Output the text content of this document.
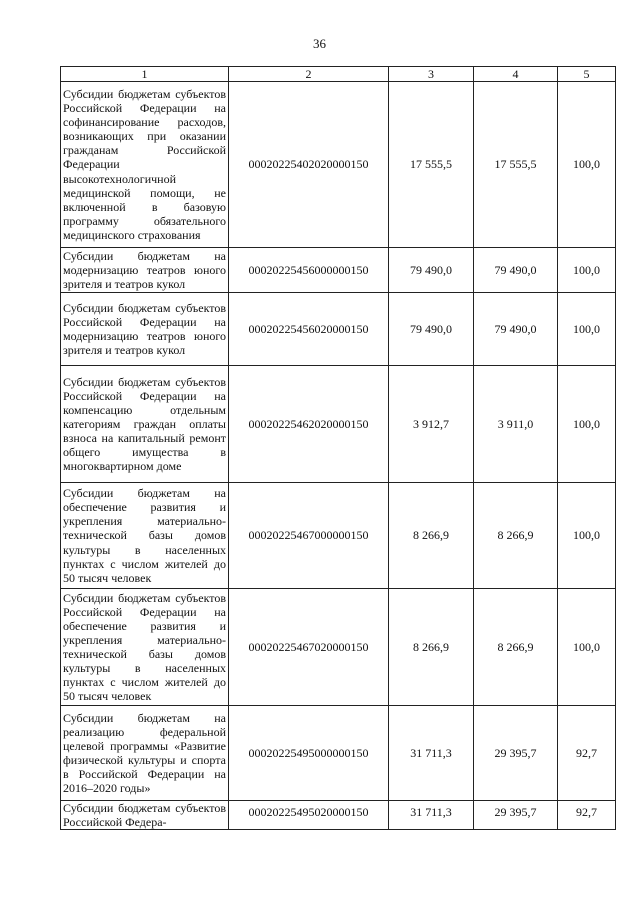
36
1	2	3	4	5
Субсидии бюджетам субъектов Российской Федерации на софинансирование расходов, возникающих при оказании гражданам Российской Федерации высокотехнологичной медицинской помощи, не включенной в базовую программу обязательного медицинского страхования	00020225402020000150	17 555,5	17 555,5	100,0
Субсидии бюджетам на модернизацию театров юного зрителя и театров кукол	00020225456000000150	79 490,0	79 490,0	100,0
Субсидии бюджетам субъектов Российской Федерации на модернизацию театров юного зрителя и театров кукол	00020225456020000150	79 490,0	79 490,0	100,0
Субсидии бюджетам субъектов Российской Федерации на компенсацию отдельным категориям граждан оплаты взноса на капитальный ремонт общего имущества в многоквартирном доме	00020225462020000150	3 912,7	3 911,0	100,0
Субсидии бюджетам на обеспечение развития и укрепления материально-технической базы домов культуры в населенных пунктах с числом жителей до 50 тысяч человек	00020225467000000150	8 266,9	8 266,9	100,0
Субсидии бюджетам субъектов Российской Федерации на обеспечение развития и укрепления материально-технической базы домов культуры в населенных пунктах с числом жителей до 50 тысяч человек	00020225467020000150	8 266,9	8 266,9	100,0
Субсидии бюджетам на реализацию федеральной целевой программы «Развитие физической культуры и спорта в Российской Федерации на 2016–2020 годы»	00020225495000000150	31 711,3	29 395,7	92,7
Субсидии бюджетам субъектов Российской Федера-	00020225495020000150	31 711,3	29 395,7	92,7
